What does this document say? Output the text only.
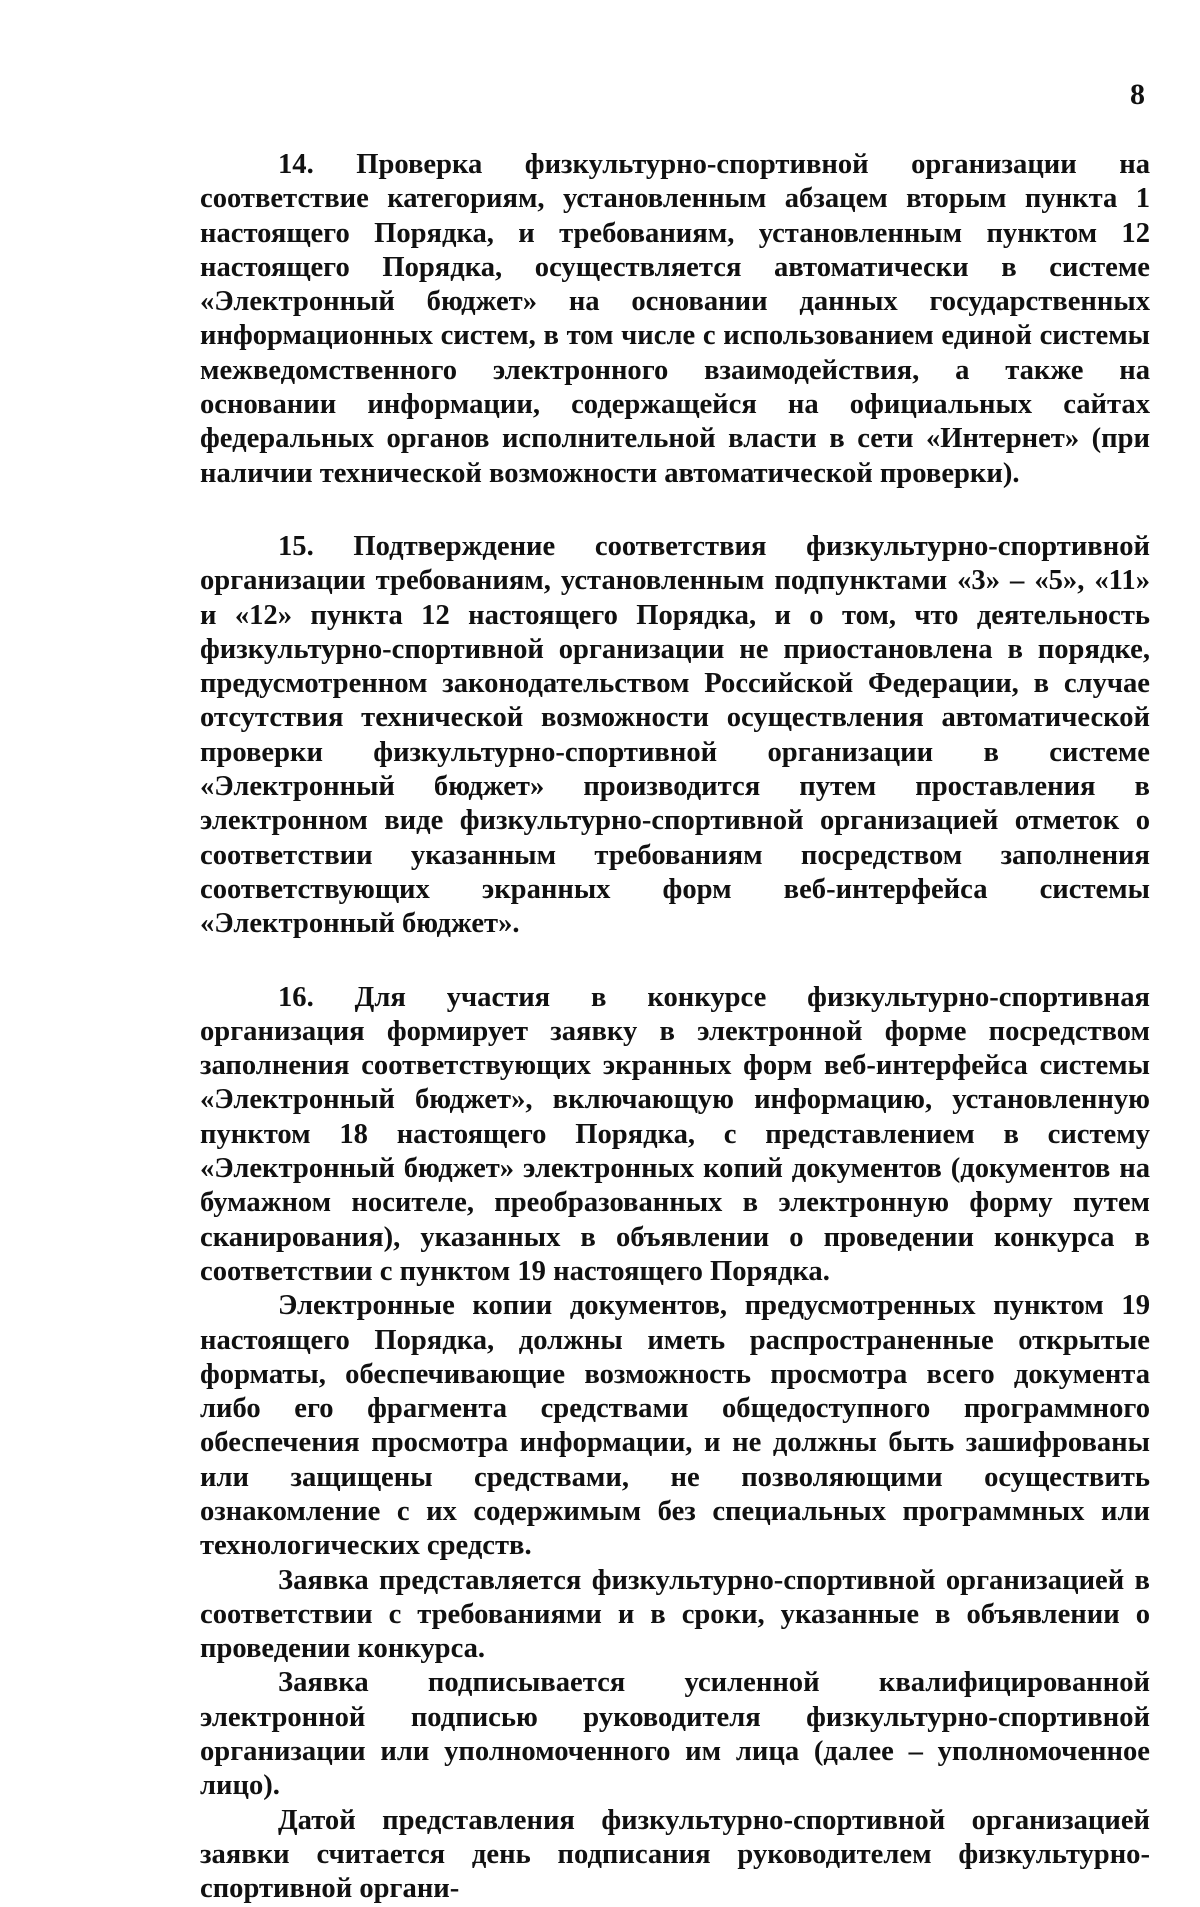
8

14. Проверка физкультурно-спортивной организации на соответствие категориям, установленным абзацем вторым пункта 1 настоящего Порядка, и требованиям, установленным пунктом 12 настоящего Порядка, осуществляется автоматически в системе «Электронный бюджет» на основании данных государственных информационных систем, в том числе с использованием единой системы межведомственного электронного взаимодействия, а также на основании информации, содержащейся на официальных сайтах федеральных органов исполнительной власти в сети «Интернет» (при наличии технической возможности автоматической проверки).

15. Подтверждение соответствия физкультурно-спортивной организации требованиям, установленным подпунктами «3» – «5», «11» и «12» пункта 12 настоящего Порядка, и о том, что деятельность физкультурно-спортивной организации не приостановлена в порядке, предусмотренном законодательством Российской Федерации, в случае отсутствия технической возможности осуществления автоматической проверки физкультурно-спортивной организации в системе «Электронный бюджет» производится путем проставления в электронном виде физкультурно-спортивной организацией отметок о соответствии указанным требованиям посредством заполнения соответствующих экранных форм веб-интерфейса системы «Электронный бюджет».

16. Для участия в конкурсе физкультурно-спортивная организация формирует заявку в электронной форме посредством заполнения соответствующих экранных форм веб-интерфейса системы «Электронный бюджет», включающую информацию, установленную пунктом 18 настоящего Порядка, с представлением в систему «Электронный бюджет» электронных копий документов (документов на бумажном носителе, преобразованных в электронную форму путем сканирования), указанных в объявлении о проведении конкурса в соответствии с пунктом 19 настоящего Порядка.

Электронные копии документов, предусмотренных пунктом 19 настоящего Порядка, должны иметь распространенные открытые форматы, обеспечивающие возможность просмотра всего документа либо его фрагмента средствами общедоступного программного обеспечения просмотра информации, и не должны быть зашифрованы или защищены средствами, не позволяющими осуществить ознакомление с их содержимым без специальных программных или технологических средств.

Заявка представляется физкультурно-спортивной организацией в соответствии с требованиями и в сроки, указанные в объявлении о проведении конкурса.

Заявка подписывается усиленной квалифицированной электронной подписью руководителя физкультурно-спортивной организации или уполномоченного им лица (далее – уполномоченное лицо).

Датой представления физкультурно-спортивной организацией заявки считается день подписания руководителем физкультурно-спортивной органи-
